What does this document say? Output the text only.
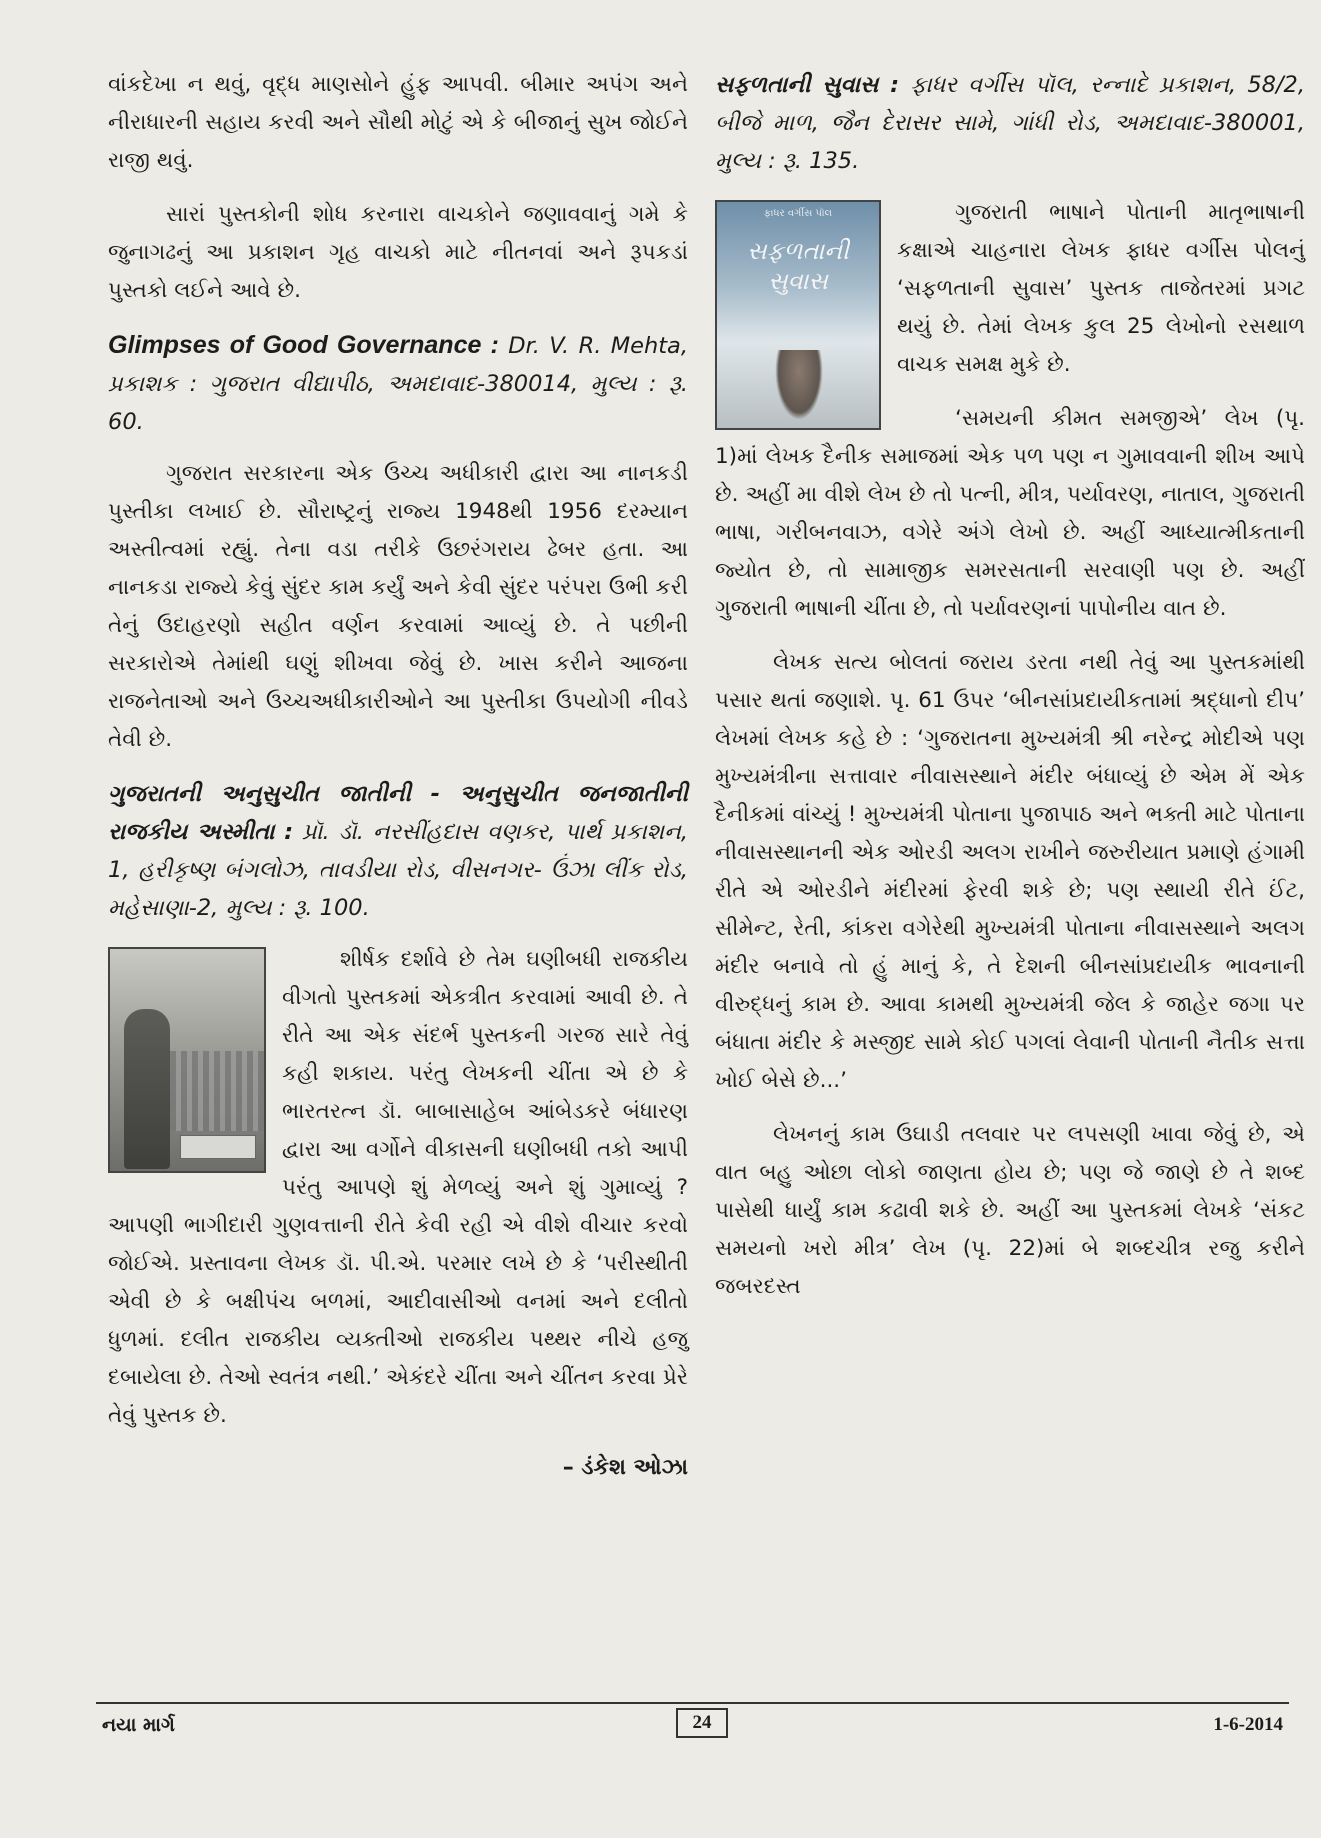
વાંકદેખા ન થવું, વૃદ્ધ માણસોને હુંફ આપવી. બીમાર અપંગ અને નીરાધારની સહાય કરવી અને સૌથી મોટું એ કે બીજાનું સુખ જોઈને રાજી થવું.

સારાં પુસ્તકોની શોધ કરનારા વાચકોને જણાવવાનું ગમે કે જુનાગઢનું આ પ્રકાશન ગૃહ વાચકો માટે નીતનવાં અને રૂપકડાં પુસ્તકો લઈને આવે છે.

Glimpses of Good Governance : Dr. V. R. Mehta, પ્રકાશક : ગુજરાત વીદ્યાપીઠ, અમદાવાદ-380014, મુલ્ય : રૂ. 60.

ગુજરાત સરકારના એક ઉચ્ચ અધીકારી દ્વારા આ નાનકડી પુસ્તીકા લખાઈ છે. સૌરાષ્ટ્રનું રાજ્ય 1948થી 1956 દરમ્યાન અસ્તીત્વમાં રહ્યું. તેના વડા તરીકે ઉછરંગરાય ઢેબર હતા. આ નાનકડા રાજ્યે કેવું સુંદર કામ કર્યું અને કેવી સુંદર પરંપરા ઉભી કરી તેનું ઉદાહરણો સહીત વર્ણન કરવામાં આવ્યું છે. તે પછીની સરકારોએ તેમાંથી ઘણું શીખવા જેવું છે. ખાસ કરીને આજના રાજનેતાઓ અને ઉચ્ચઅધીકારીઓને આ પુસ્તીકા ઉપયોગી નીવડે તેવી છે.

ગુજરાતની અનુસુચીત જાતીની - અનુસુચીત જનજાતીની રાજકીય અસ્મીતા : પ્રૉ. ડૉ. નરસીંહદાસ વણકર, પાર્થ પ્રકાશન, 1, હરીકૃષ્ણ બંગલોઝ, તાવડીયા રોડ, વીસનગર- ઉંઝા લીંક રોડ, મહેસાણા-2, મુલ્ય : રૂ. 100.

શીર્ષક દર્શાવે છે તેમ ઘણીબધી રાજકીય વીગતો પુસ્તકમાં એકત્રીત કરવામાં આવી છે. તે રીતે આ એક સંદર્ભ પુસ્તકની ગરજ સારે તેવું કહી શકાય. પરંતુ લેખકની ચીંતા એ છે કે ભારતરત્ન ડૉ. બાબાસાહેબ આંબેડકરે બંધારણ દ્વારા આ વર્ગોને વીકાસની ઘણીબધી તકો આપી પરંતુ આપણે શું મેળવ્યું અને શું ગુમાવ્યું ? આપણી ભાગીદારી ગુણવત્તાની રીતે કેવી રહી એ વીશે વીચાર કરવો જોઈએ. પ્રસ્તાવના લેખક ડૉ. પી.એ. પરમાર લખે છે કે ‘પરીસ્થીતી એવી છે કે બક્ષીપંચ બળમાં, આદીવાસીઓ વનમાં અને દલીતો ધુળમાં. દલીત રાજકીય વ્યક્તીઓ રાજકીય પથ્થર નીચે હજુ દબાયેલા છે. તેઓ સ્વતંત્ર નથી.’ એકંદરે ચીંતા અને ચીંતન કરવા પ્રેરે તેવું પુસ્તક છે.

– ડંકેશ ઓઝા
સફળતાની સુવાસ : ફાધર વર્ગીસ પૉલ, રન્નાદે પ્રકાશન, 58/2, બીજે માળ, જૈન દેરાસર સામે, ગાંધી રોડ, અમદાવાદ-380001, મુલ્ય : રૂ. 135.
ફાધર વર્ગીસ પૉલ
સફળતાની સુવાસ

ગુજરાતી ભાષાને પોતાની માતૃભાષાની કક્ષાએ ચાહનારા લેખક ફાધર વર્ગીસ પોલનું ‘સફળતાની સુવાસ’ પુસ્તક તાજેતરમાં પ્રગટ થયું છે. તેમાં લેખક કુલ 25 લેખોનો રસથાળ વાચક સમક્ષ મુકે છે.

‘સમયની કીમત સમજીએ’ લેખ (પૃ. 1)માં લેખક દૈનીક સમાજમાં એક પળ પણ ન ગુમાવવાની શીખ આપે છે. અહીં મા વીશે લેખ છે તો પત્ની, મીત્ર, પર્યાવરણ, નાતાલ, ગુજરાતી ભાષા, ગરીબનવાઝ, વગેરે અંગે લેખો છે. અહીં આધ્યાત્મીકતાની જ્યોત છે, તો સામાજીક સમરસતાની સરવાણી પણ છે. અહીં ગુજરાતી ભાષાની ચીંતા છે, તો પર્યાવરણનાં પાપોનીય વાત છે.

લેખક સત્ય બોલતાં જરાય ડરતા નથી તેવું આ પુસ્તકમાંથી પસાર થતાં જણાશે. પૃ. 61 ઉપર ‘બીનસાંપ્રદાયીકતામાં શ્રદ્ધાનો દીપ’ લેખમાં લેખક કહે છે : ‘ગુજરાતના મુખ્યમંત્રી શ્રી નરેન્દ્ર મોદીએ પણ મુખ્યમંત્રીના સત્તાવાર નીવાસસ્થાને મંદીર બંધાવ્યું છે એમ મેં એક દૈનીકમાં વાંચ્યું ! મુખ્યમંત્રી પોતાના પુજાપાઠ અને ભક્તી માટે પોતાના નીવાસસ્થાનની એક ઓરડી અલગ રાખીને જરુરીયાત પ્રમાણે હંગામી રીતે એ ઓરડીને મંદીરમાં ફેરવી શકે છે; પણ સ્થાયી રીતે ઈંટ, સીમેન્ટ, રેતી, કાંકરા વગેરેથી મુખ્યમંત્રી પોતાના નીવાસસ્થાને અલગ મંદીર બનાવે તો હું માનું કે, તે દેશની બીનસાંપ્રદાયીક ભાવનાની વીરુદ્ધનું કામ છે. આવા કામથી મુખ્યમંત્રી જેલ કે જાહેર જગા પર બંધાતા મંદીર કે મસ્જીદ સામે કોઈ પગલાં લેવાની પોતાની નૈતીક સત્તા ખોઈ બેસે છે...’

લેખનનું કામ ઉઘાડી તલવાર પર લપસણી ખાવા જેવું છે, એ વાત બહુ ઓછા લોકો જાણતા હોય છે; પણ જે જાણે છે તે શબ્દ પાસેથી ધાર્યું કામ કઢાવી શકે છે. અહીં આ પુસ્તકમાં લેખકે ‘સંકટ સમયનો ખરો મીત્ર’ લેખ (પૃ. 22)માં બે શબ્દચીત્ર રજુ કરીને જબરદસ્ત

નયા માર્ગ	24	1-6-2014
